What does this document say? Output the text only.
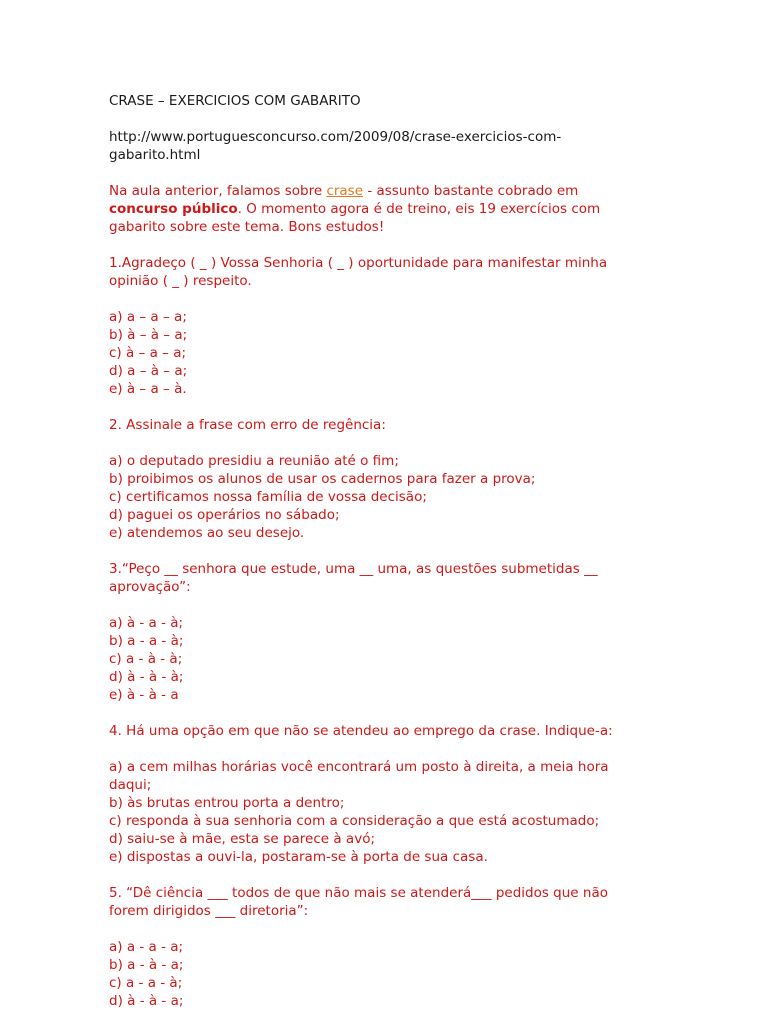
CRASE – EXERCICIOS COM GABARITO
http://www.portuguesconcurso.com/2009/08/crase-exercicios-com-
gabarito.html
Na aula anterior, falamos sobre crase - assunto bastante cobrado em
concurso público. O momento agora é de treino, eis 19 exercícios com
gabarito sobre este tema. Bons estudos!
1.Agradeço ( _ ) Vossa Senhoria ( _ ) oportunidade para manifestar minha
opinião ( _ ) respeito.
a) a – a – a;
b) à – à – a;
c) à – a – a;
d) a – à – a;
e) à – a – à.
2. Assinale a frase com erro de regência:
a) o deputado presidiu a reunião até o fim;
b) proibimos os alunos de usar os cadernos para fazer a prova;
c) certificamos nossa família de vossa decisão;
d) paguei os operários no sábado;
e) atendemos ao seu desejo.
3.“Peço __ senhora que estude, uma __ uma, as questões submetidas __
aprovação”:
a) à - a - à;
b) a - a - à;
c) a - à - à;
d) à - à - à;
e) à - à - a
4. Há uma opção em que não se atendeu ao emprego da crase. Indique-a:
a) a cem milhas horárias você encontrará um posto à direita, a meia hora
daqui;
b) às brutas entrou porta a dentro;
c) responda à sua senhoria com a consideração a que está acostumado;
d) saiu-se à mãe, esta se parece à avó;
e) dispostas a ouvi-la, postaram-se à porta de sua casa.
5. “Dê ciência ___ todos de que não mais se atenderá___ pedidos que não
forem dirigidos ___ diretoria”:
a) a - a - a;
b) a - à - a;
c) a - a - à;
d) à - à - a;
